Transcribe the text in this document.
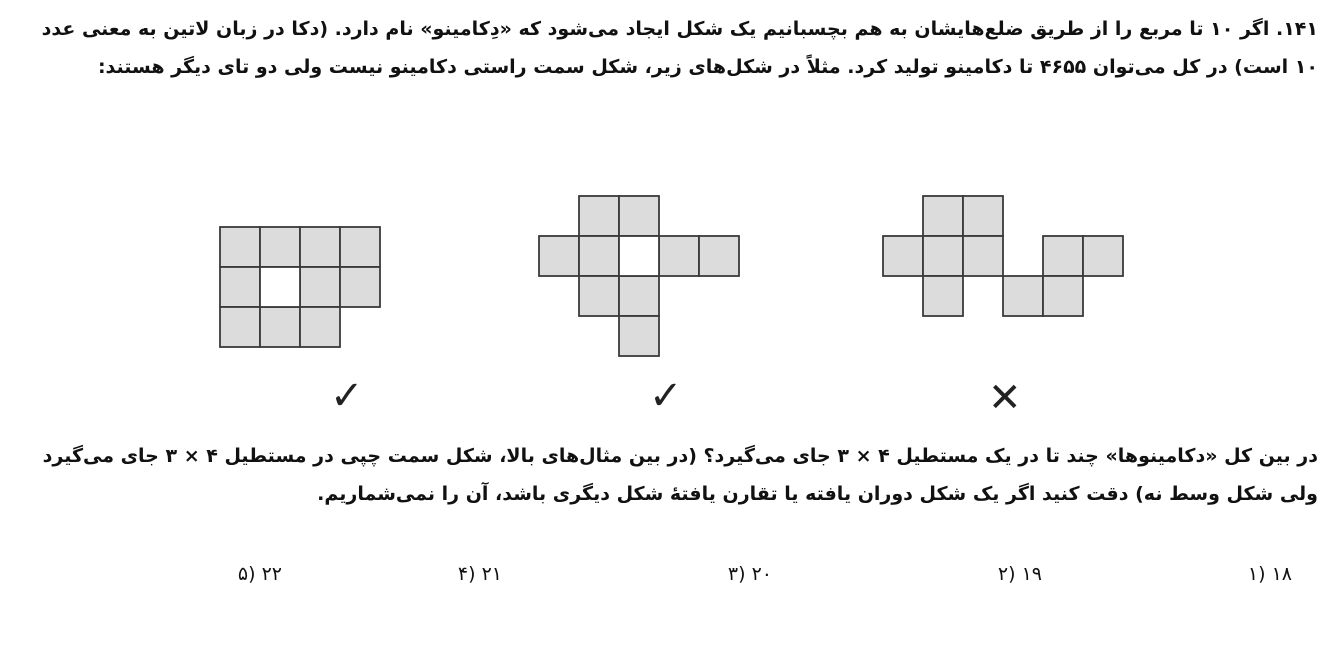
۱۴۱. اگر ۱۰ تا مربع را از طریق ضلع‌هایشان به هم بچسبانیم یک شکل ایجاد می‌شود که «دِکامینو» نام دارد. (دکا در زبان لاتین به معنی عدد ۱۰ است) در کل می‌توان ۴۶۵۵ تا دکامینو تولید کرد. مثلاً در شکل‌های زیر، شکل سمت راستی دکامینو نیست ولی دو تای دیگر هستند:

✓	✓	✕

در بین کل «دکامینوها» چند تا در یک مستطیل ۴ × ۳ جای می‌گیرد؟ (در بین مثال‌های بالا، شکل سمت چپی در مستطیل ۴ × ۳ جای می‌گیرد ولی شکل وسط نه) دقت کنید اگر یک شکل دوران یافته یا تقارن یافتهٔ شکل دیگری باشد، آن را نمی‌شماریم.

۱۸ (۱
۱۹ (۲
۲۰ (۳
۲۱ (۴
۲۲ (۵
